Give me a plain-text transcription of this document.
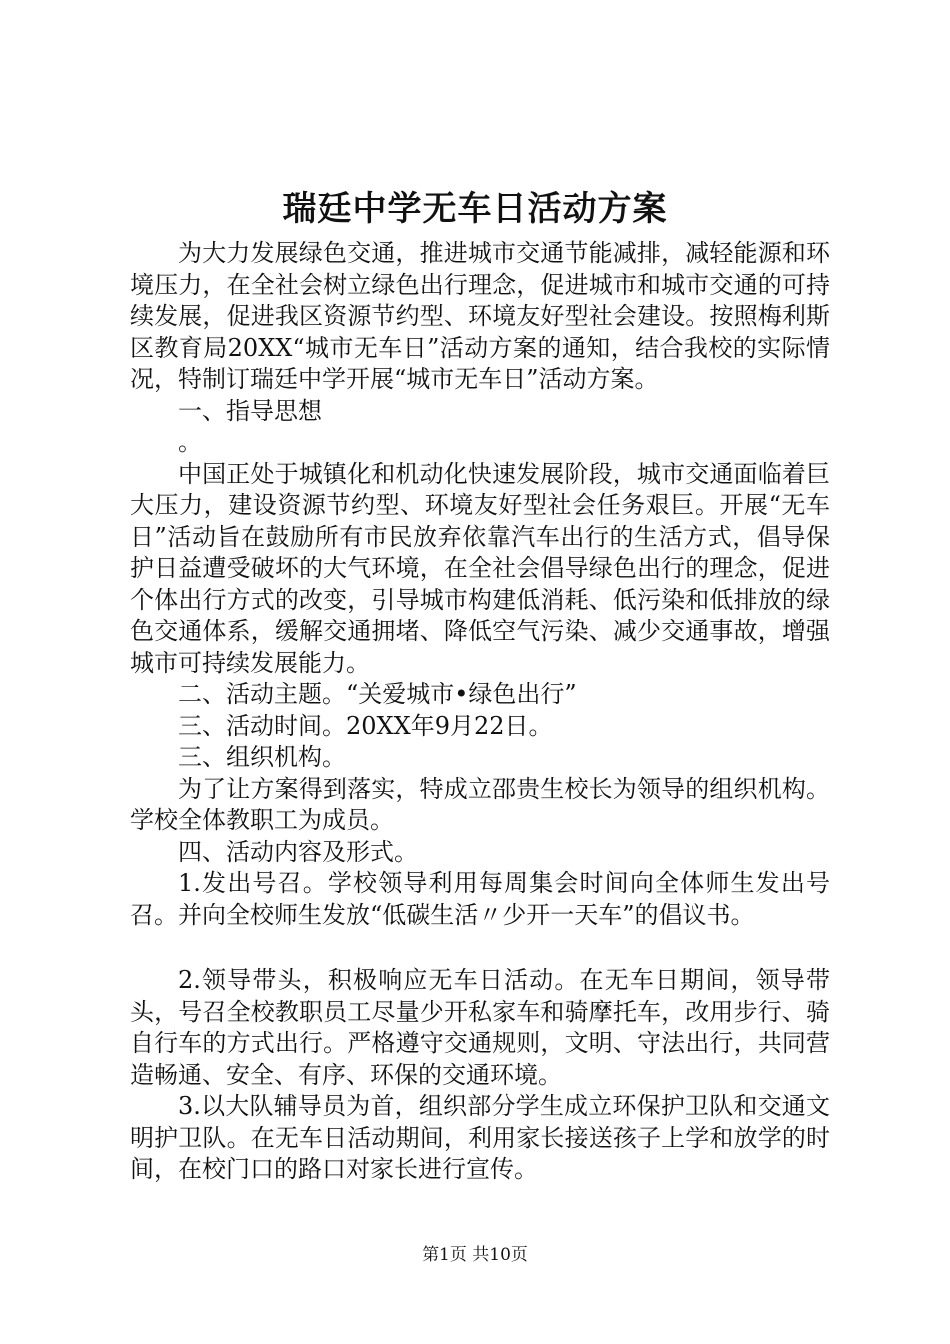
瑞廷中学无车日活动方案

为大力发展绿色交通，推进城市交通节能减排，减轻能源和环境压力，在全社会树立绿色出行理念，促进城市和城市交通的可持续发展，促进我区资源节约型、环境友好型社会建设。按照梅利斯区教育局20XX“城市无车日”活动方案的通知，结合我校的实际情况，特制订瑞廷中学开展“城市无车日”活动方案。

一、指导思想

。

中国正处于城镇化和机动化快速发展阶段，城市交通面临着巨大压力，建设资源节约型、环境友好型社会任务艰巨。开展“无车日”活动旨在鼓励所有市民放弃依靠汽车出行的生活方式，倡导保护日益遭受破坏的大气环境，在全社会倡导绿色出行的理念，促进个体出行方式的改变，引导城市构建低消耗、低污染和低排放的绿色交通体系，缓解交通拥堵、降低空气污染、减少交通事故，增强城市可持续发展能力。

二、活动主题。“关爱城市•绿色出行”

三、活动时间。20XX年9月22日。

三、组织机构。

为了让方案得到落实，特成立邵贵生校长为领导的组织机构。学校全体教职工为成员。

四、活动内容及形式。

1.发出号召。学校领导利用每周集会时间向全体师生发出号召。并向全校师生发放“低碳生活〃少开一天车”的倡议书。

2.领导带头，积极响应无车日活动。在无车日期间，领导带头，号召全校教职员工尽量少开私家车和骑摩托车，改用步行、骑自行车的方式出行。严格遵守交通规则，文明、守法出行，共同营造畅通、安全、有序、环保的交通环境。

3.以大队辅导员为首，组织部分学生成立环保护卫队和交通文明护卫队。在无车日活动期间，利用家长接送孩子上学和放学的时间，在校门口的路口对家长进行宣传。

第1页 共10页
